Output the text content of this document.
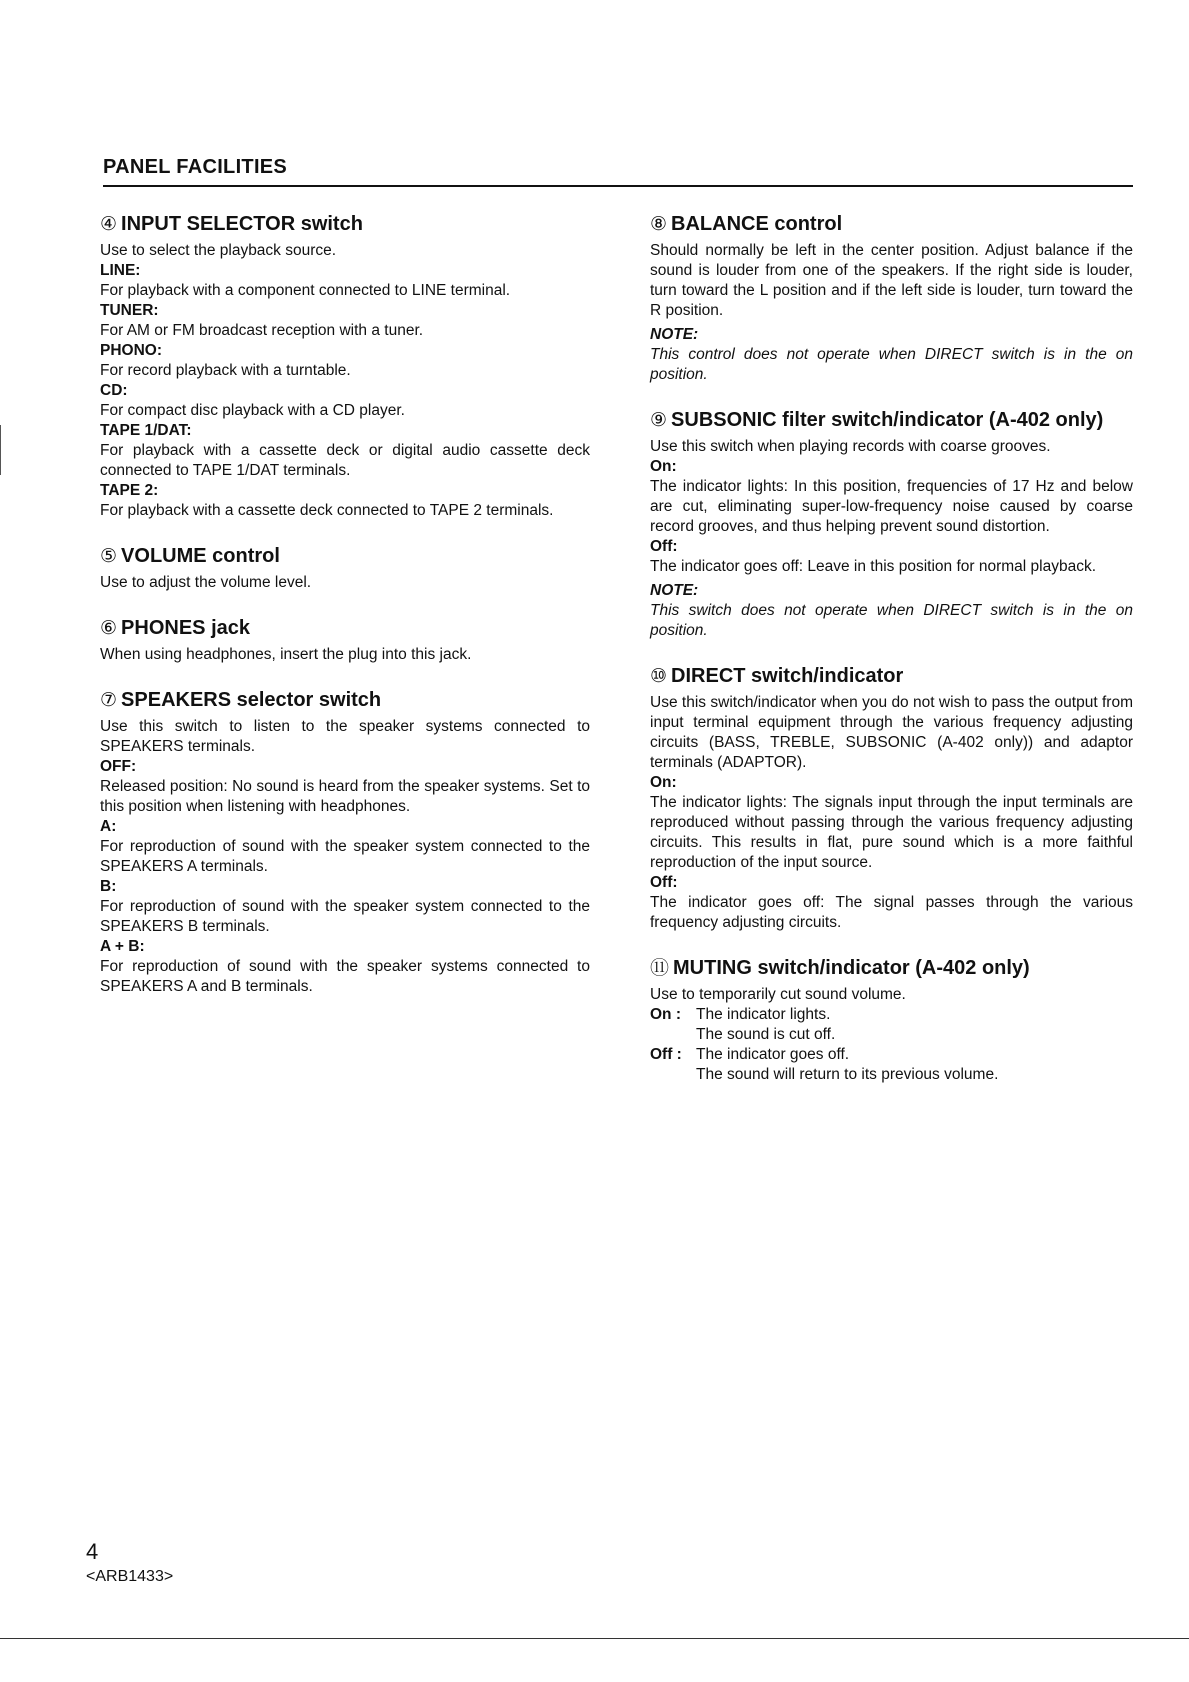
PANEL FACILITIES
④ INPUT SELECTOR switch

Use to select the playback source.

LINE:

For playback with a component connected to LINE terminal.

TUNER:

For AM or FM broadcast reception with a tuner.

PHONO:

For record playback with a turntable.

CD:

For compact disc playback with a CD player.

TAPE 1/DAT:

For playback with a cassette deck or digital audio cassette deck connected to TAPE 1/DAT terminals.

TAPE 2:

For playback with a cassette deck connected to TAPE 2 terminals.

⑤ VOLUME control

Use to adjust the volume level.

⑥ PHONES jack

When using headphones, insert the plug into this jack.

⑦ SPEAKERS selector switch

Use this switch to listen to the speaker systems connected to SPEAKERS terminals.

OFF:

Released position: No sound is heard from the speaker systems. Set to this position when listening with headphones.

A:

For reproduction of sound with the speaker system connected to the SPEAKERS A terminals.

B:

For reproduction of sound with the speaker system connected to the SPEAKERS B terminals.

A + B:

For reproduction of sound with the speaker systems connected to SPEAKERS A and B terminals.

⑧ BALANCE control

Should normally be left in the center position. Adjust balance if the sound is louder from one of the speakers. If the right side is louder, turn toward the L position and if the left side is louder, turn toward the R position.

NOTE:

This control does not operate when DIRECT switch is in the on position.

⑨ SUBSONIC filter switch/indicator (A-402 only)

Use this switch when playing records with coarse grooves.

On:

The indicator lights: In this position, frequencies of 17 Hz and below are cut, eliminating super-low-frequency noise caused by coarse record grooves, and thus helping prevent sound distortion.

Off:

The indicator goes off: Leave in this position for normal playback.

NOTE:

This switch does not operate when DIRECT switch is in the on position.

⑩ DIRECT switch/indicator

Use this switch/indicator when you do not wish to pass the output from input terminal equipment through the various frequency adjusting circuits (BASS, TREBLE, SUBSONIC (A-402 only)) and adaptor terminals (ADAPTOR).

On:

The indicator lights: The signals input through the input terminals are reproduced without passing through the various frequency adjusting circuits. This results in flat, pure sound which is a more faithful reproduction of the input source.

Off:

The indicator goes off: The signal passes through the various frequency adjusting circuits.

⑪ MUTING switch/indicator (A-402 only)

Use to temporarily cut sound volume.

On : The indicator lights.
The sound is cut off.
Off : The indicator goes off.
The sound will return to its previous volume.
4
<ARB1433>
